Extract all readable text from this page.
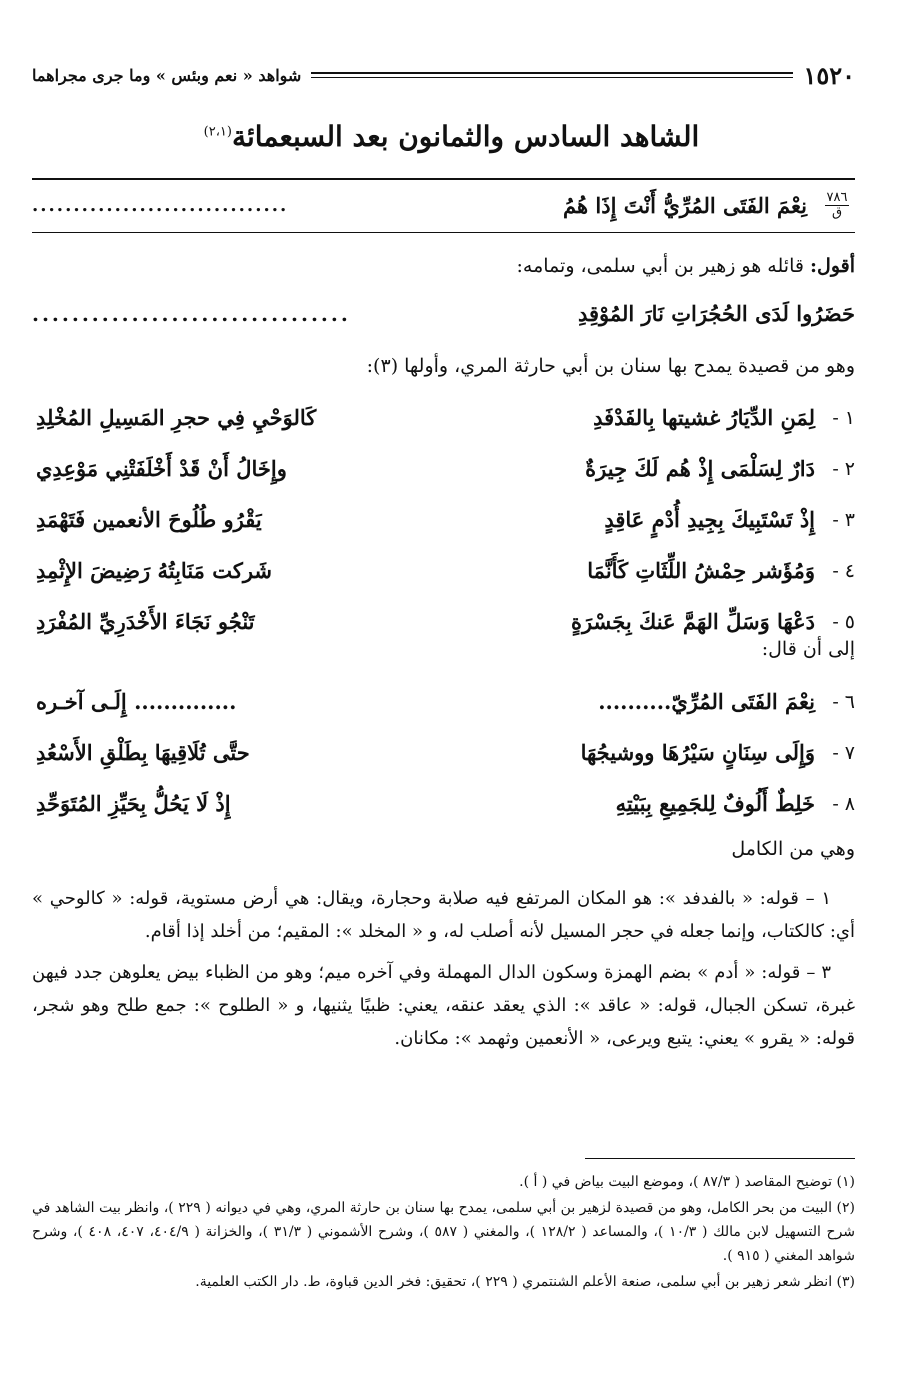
١٥٢٠
شواهد « نعم وبئس » وما جرى مجراهما
الشاهد السادس والثمانون بعد السبعمائة$^{(٢،١)}$
٧٨٦
ق
نِعْمَ الفَتَى المُرِّيُّ أَنْتَ إِذَا هُمُ
...............................
أقول: قائله هو زهير بن أبي سلمى، وتمامه:
حَضَرُوا لَدَى الحُجُرَاتِ نَارَ المُوْقِدِ
................................
وهو من قصيدة يمدح بها سنان بن أبي حارثة المري، وأولها (٣):
١ -
لِمَنِ الدِّيَارُ غشيتها بِالفَدْفَدِ
كَالوَحْيِ فِي حجرِ المَسِيلِ المُخْلِدِ
٢ -
دَارٌ لِسَلْمَى إِذْ هُم لَكَ جِيرَةٌ
وإِخَالُ أَنْ قَدْ أَخْلَفَتْنِي مَوْعِدِي
٣ -
إِذْ تَسْتَبِيكَ بِجِيدِ أُدْمٍ عَاقِدٍ
يَقْرُو طُلُوحَ الأنعمين فَتَهْمَدِ
٤ -
وَمُؤَشر حِمْشُ اللِّثَاتِ كَأَنَّمَا
شَركت مَنَابِتُهُ رَضِيضَ الإِثْمِدِ
٥ -
دَعْهَا وَسَلِّ الهَمَّ عَنكَ بِجَسْرَةٍ
تَنْجُو نَجَاءَ الأَخْدَرِيِّ المُفْرَدِ
إلى أن قال:
٦ -
نِعْمَ الفَتَى المُرِّيّ..........
.............. إِلَـى آخـره
٧ -
وَإِلَى سِنَانٍ سَيْرُهَا ووشيجُهَا
حتَّى تُلَاقِيهَا بِطَلْقِ الأَسْعُدِ
٨ -
خَلِطٌ أَلُوفٌ لِلجَمِيعِ بِبَيْتِهِ
إِذْ لَا يَحُلُّ بِحَيِّزِ المُتَوَحِّدِ
وهي من الكامل

١ – قوله: « بالفدفد »: هو المكان المرتفع فيه صلابة وحجارة، ويقال: هي أرض مستوية، قوله: « كالوحي » أي: كالكتاب، وإنما جعله في حجر المسيل لأنه أصلب له، و « المخلد »: المقيم؛ من أخلد إذا أقام.

٣ – قوله: « أدم » بضم الهمزة وسكون الدال المهملة وفي آخره ميم؛ وهو من الظباء بيض يعلوهن جدد فيهن غبرة، تسكن الجبال، قوله: « عاقد »: الذي يعقد عنقه، يعني: ظبيًا يثنيها، و « الطلوح »: جمع طلح وهو شجر، قوله: « يقرو » يعني: يتبع ويرعى، « الأنعمين وثهمد »: مكانان.

(١) توضيح المقاصد ( ٨٧/٣ )، وموضع البيت بياض في ( أ ).
(٢) البيت من بحر الكامل، وهو من قصيدة لزهير بن أبي سلمى، يمدح بها سنان بن حارثة المري، وهي في ديوانه ( ٢٢٩ )، وانظر بيت الشاهد في شرح التسهيل لابن مالك ( ١٠/٣ )، والمساعد ( ١٢٨/٢ )، والمغني ( ٥٨٧ )، وشرح الأشموني ( ٣١/٣ )، والخزانة ( ٤٠٤/٩، ٤٠٧، ٤٠٨ )، وشرح شواهد المغني ( ٩١٥ ).
(٣) انظر شعر زهير بن أبي سلمى، صنعة الأعلم الشنتمري ( ٢٢٩ )، تحقيق: فخر الدين قباوة، ط. دار الكتب العلمية.
